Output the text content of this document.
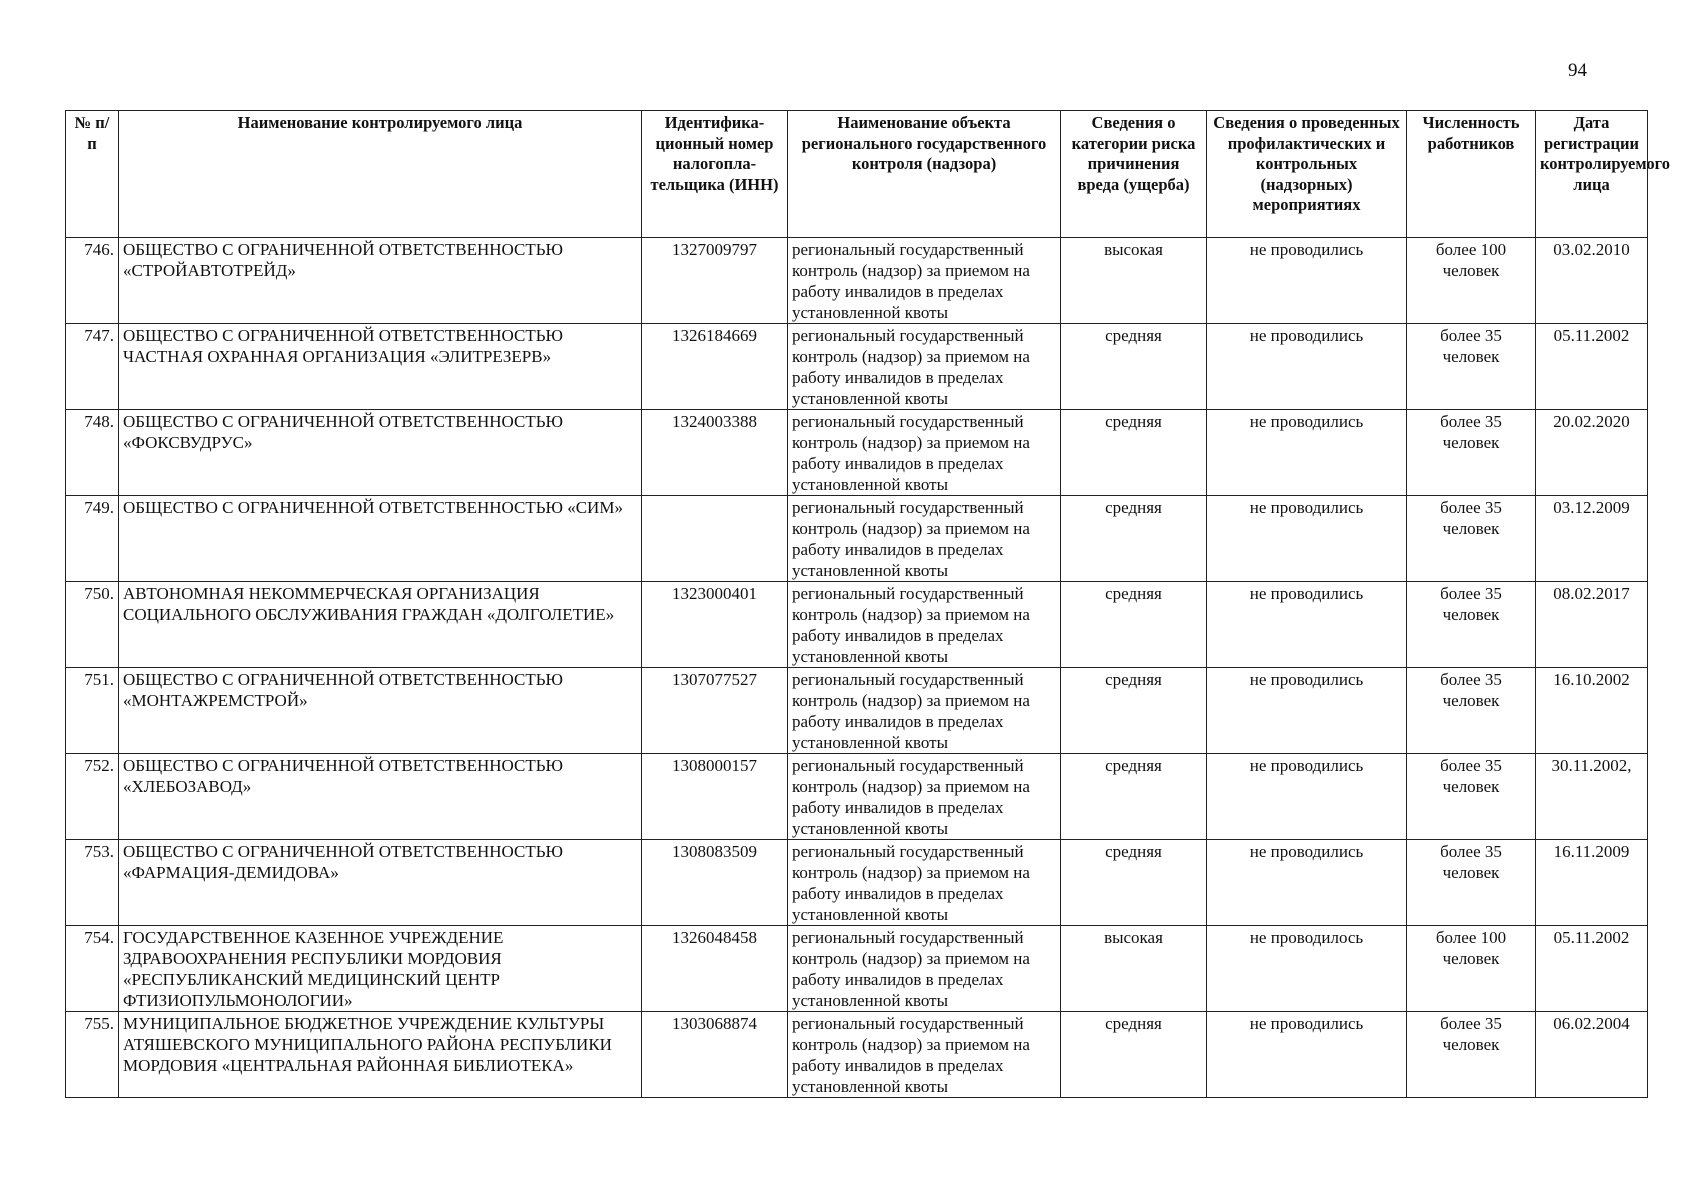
94
№ п/п	Наименование контролируемого лица	Идентифика-ционный номер налогопла-тельщика (ИНН)	Наименование объекта регионального государственного контроля (надзора)	Сведения о категории риска причинения вреда (ущерба)	Сведения о проведенных профилактических и контрольных (надзорных) мероприятиях	Численность работников	Дата регистрации контролируемого лица
746.	ОБЩЕСТВО С ОГРАНИЧЕННОЙ ОТВЕТСТВЕННОСТЬЮ «СТРОЙАВТОТРЕЙД»	1327009797	региональный государственный контроль (надзор) за приемом на работу инвалидов в пределах установленной квоты	высокая	не проводились	более 100 человек	03.02.2010
747.	ОБЩЕСТВО С ОГРАНИЧЕННОЙ ОТВЕТСТВЕННОСТЬЮ ЧАСТНАЯ ОХРАННАЯ ОРГАНИЗАЦИЯ «ЭЛИТРЕЗЕРВ»	1326184669	региональный государственный контроль (надзор) за приемом на работу инвалидов в пределах установленной квоты	средняя	не проводились	более 35 человек	05.11.2002
748.	ОБЩЕСТВО С ОГРАНИЧЕННОЙ ОТВЕТСТВЕННОСТЬЮ «ФОКСВУДРУС»	1324003388	региональный государственный контроль (надзор) за приемом на работу инвалидов в пределах установленной квоты	средняя	не проводились	более 35 человек	20.02.2020
749.	ОБЩЕСТВО С ОГРАНИЧЕННОЙ ОТВЕТСТВЕННОСТЬЮ «СИМ»		региональный государственный контроль (надзор) за приемом на работу инвалидов в пределах установленной квоты	средняя	не проводились	более 35 человек	03.12.2009
750.	АВТОНОМНАЯ НЕКОММЕРЧЕСКАЯ ОРГАНИЗАЦИЯ СОЦИАЛЬНОГО ОБСЛУЖИВАНИЯ ГРАЖДАН «ДОЛГОЛЕТИЕ»	1323000401	региональный государственный контроль (надзор) за приемом на работу инвалидов в пределах установленной квоты	средняя	не проводились	более 35 человек	08.02.2017
751.	ОБЩЕСТВО С ОГРАНИЧЕННОЙ ОТВЕТСТВЕННОСТЬЮ «МОНТАЖРЕМСТРОЙ»	1307077527	региональный государственный контроль (надзор) за приемом на работу инвалидов в пределах установленной квоты	средняя	не проводились	более 35 человек	16.10.2002
752.	ОБЩЕСТВО С ОГРАНИЧЕННОЙ ОТВЕТСТВЕННОСТЬЮ «ХЛЕБОЗАВОД»	1308000157	региональный государственный контроль (надзор) за приемом на работу инвалидов в пределах установленной квоты	средняя	не проводились	более 35 человек	30.11.2002,
753.	ОБЩЕСТВО С ОГРАНИЧЕННОЙ ОТВЕТСТВЕННОСТЬЮ «ФАРМАЦИЯ-ДЕМИДОВА»	1308083509	региональный государственный контроль (надзор) за приемом на работу инвалидов в пределах установленной квоты	средняя	не проводились	более 35 человек	16.11.2009
754.	ГОСУДАРСТВЕННОЕ КАЗЕННОЕ УЧРЕЖДЕНИЕ ЗДРАВООХРАНЕНИЯ РЕСПУБЛИКИ МОРДОВИЯ «РЕСПУБЛИКАНСКИЙ МЕДИЦИНСКИЙ ЦЕНТР ФТИЗИОПУЛЬМОНОЛОГИИ»	1326048458	региональный государственный контроль (надзор) за приемом на работу инвалидов в пределах установленной квоты	высокая	не проводилось	более 100 человек	05.11.2002
755.	МУНИЦИПАЛЬНОЕ БЮДЖЕТНОЕ УЧРЕЖДЕНИЕ КУЛЬТУРЫ АТЯШЕВСКОГО МУНИЦИПАЛЬНОГО РАЙОНА РЕСПУБЛИКИ МОРДОВИЯ «ЦЕНТРАЛЬНАЯ РАЙОННАЯ БИБЛИОТЕКА»	1303068874	региональный государственный контроль (надзор) за приемом на работу инвалидов в пределах установленной квоты	средняя	не проводились	более 35 человек	06.02.2004
